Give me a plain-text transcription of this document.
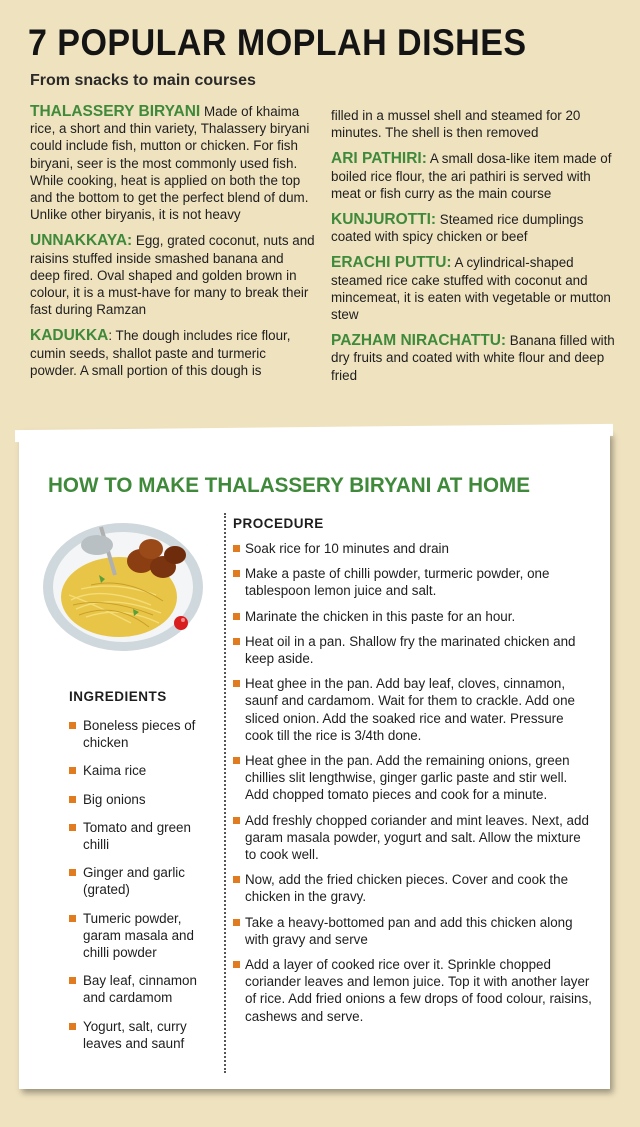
7 POPULAR MOPLAH DISHES

From snacks to main courses

THALASSERY BIRYANI Made of khaima rice, a short and thin variety, Thalassery biryani could include fish, mutton or chicken. For fish biryani, seer is the most commonly used fish. While cooking, heat is applied on both the top and the bottom to get the perfect blend of dum. Unlike other biryanis, it is not heavy

UNNAKKAYA: Egg, grated coconut, nuts and raisins stuffed inside smashed banana and deep fired. Oval shaped and golden brown in colour, it is a must-have for many to break their fast during Ramzan

KADUKKA: The dough includes rice flour, cumin seeds, shallot paste and turmeric powder. A small portion of this dough is

filled in a mussel shell and steamed for 20 minutes. The shell is then removed

ARI PATHIRI: A small dosa-like item made of boiled rice flour, the ari pathiri is served with meat or fish curry as the main course

KUNJUROTTI: Steamed rice dumplings coated with spicy chicken or beef

ERACHI PUTTU: A cylindrical-shaped steamed rice cake stuffed with coconut and mincemeat, it is eaten with vegetable or mutton stew

PAZHAM NIRACHATTU: Banana filled with dry fruits and coated with white flour and deep fried

HOW TO MAKE THALASSERY BIRYANI AT HOME

INGREDIENTS

Boneless pieces of chicken
Kaima rice
Big onions
Tomato and green chilli
Ginger and garlic (grated)
Tumeric powder, garam masala and chilli powder
Bay leaf, cinnamon and cardamom
Yogurt, salt, curry leaves and saunf

PROCEDURE

Soak rice for 10 minutes and drain
Make a paste of chilli powder, turmeric powder, one tablespoon lemon juice and salt.
Marinate the chicken in this paste for an hour.
Heat oil in a pan. Shallow fry the marinated chicken and keep aside.
Heat ghee in the pan. Add bay leaf, cloves, cinnamon, saunf and cardamom. Wait for them to crackle. Add one sliced onion. Add the soaked rice and water. Pressure cook till the rice is 3/4th done.
Heat ghee in the pan. Add the remaining onions, green chillies slit lengthwise, ginger garlic paste and stir well. Add chopped tomato pieces and cook for a minute.
Add freshly chopped coriander and mint leaves. Next, add garam masala powder, yogurt and salt. Allow the mixture to cook well.
Now, add the fried chicken pieces. Cover and cook the chicken in the gravy.
Take a heavy-bottomed pan and add this chicken along with gravy and serve
Add a layer of cooked rice over it. Sprinkle chopped coriander leaves and lemon juice. Top it with another layer of rice. Add fried onions a few drops of food colour, raisins, cashews and serve.
